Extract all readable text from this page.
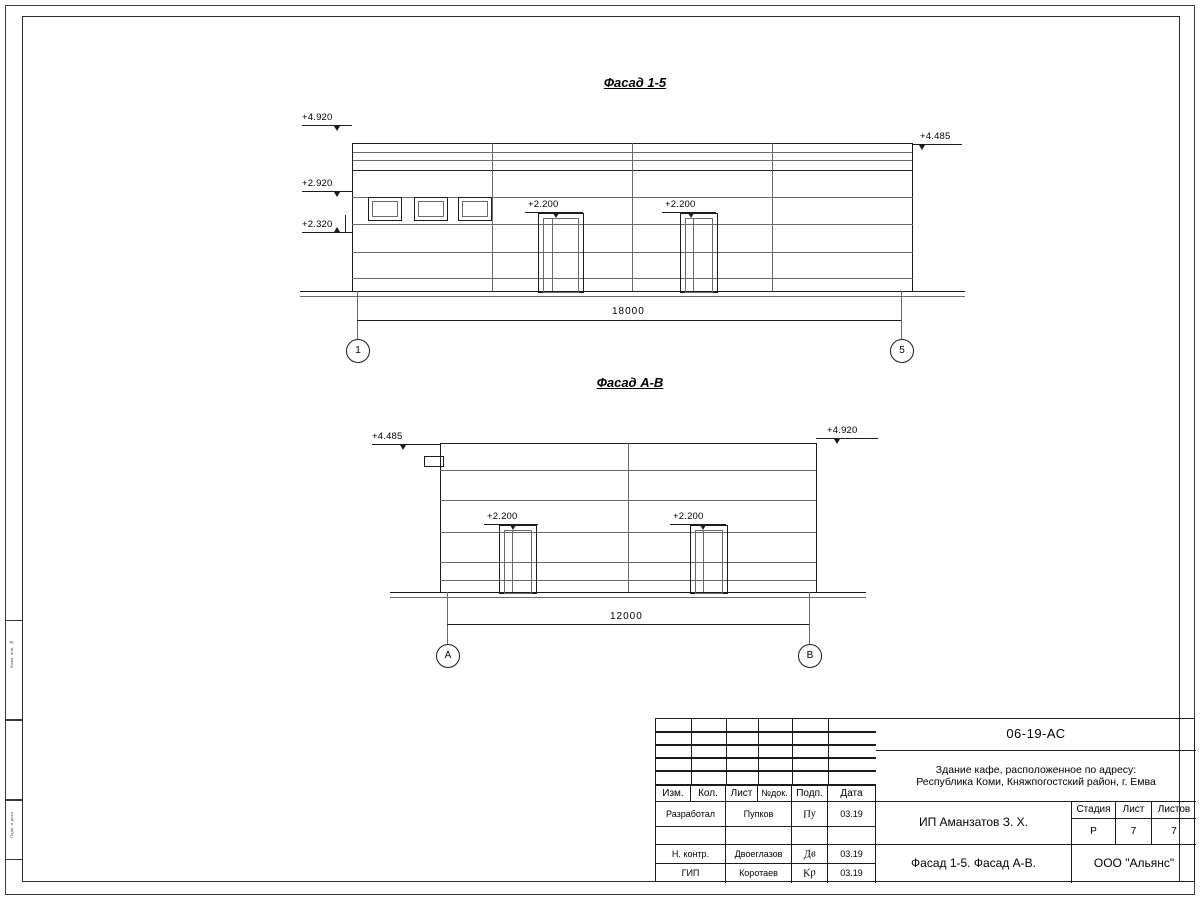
Взам. инв. №
Подп. и дата
Фасад 1-5
+4.920
+2.920
+2.320
+4.485
+2.200	+2.200
18000
1	5
Фасад А-В
+4.485
+4.920
+2.200	+2.200
12000
А	В
Изм.	Кол.	Лист №док. Подп.	Дата
Разработал	Пупков	Пу	03.19
Н. контр.	Двоеглазов	Дв	03.19
ГИП	Коротаев	Кр	03.19
06-19-АС
Здание кафе, расположенное по адресу:
Республика Коми, Княжпогостский район, г. Емва
ИП Аманзатов З. Х.
Стадия	Лист	Листов
Р	7	7
Фасад 1-5. Фасад А-В.	ООО "Альянс"
